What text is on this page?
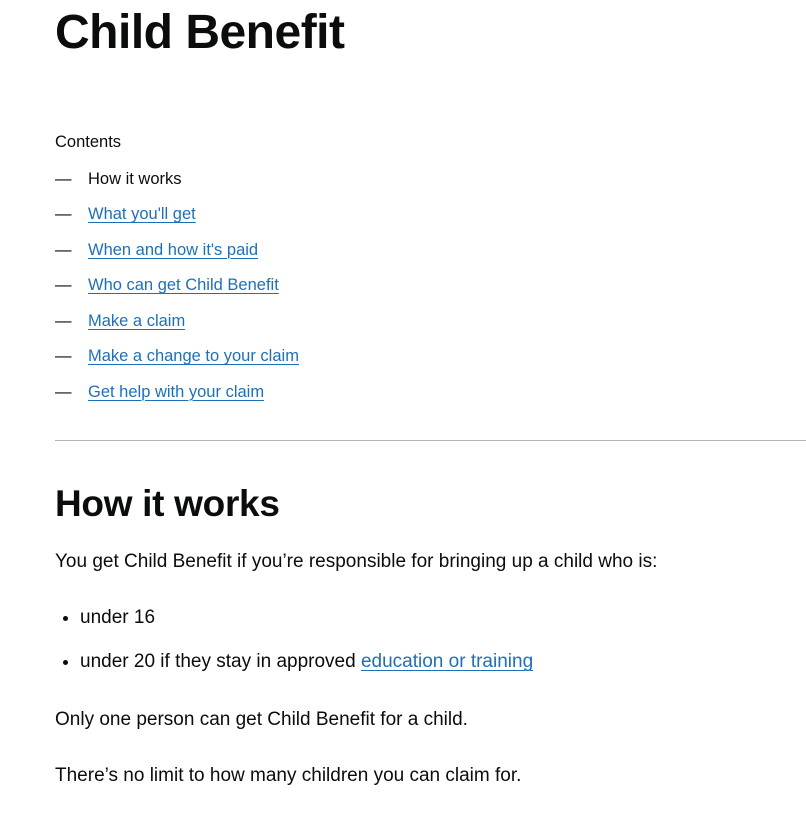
Child Benefit
Contents
—	How it works
—	What you'll get
—	When and how it's paid
—	Who can get Child Benefit
—	Make a claim
—	Make a change to your claim
—	Get help with your claim
How it works

You get Child Benefit if you’re responsible for bringing up a child who is:

• under 16
• under 20 if they stay in approved education or training

Only one person can get Child Benefit for a child.

There’s no limit to how many children you can claim for.
